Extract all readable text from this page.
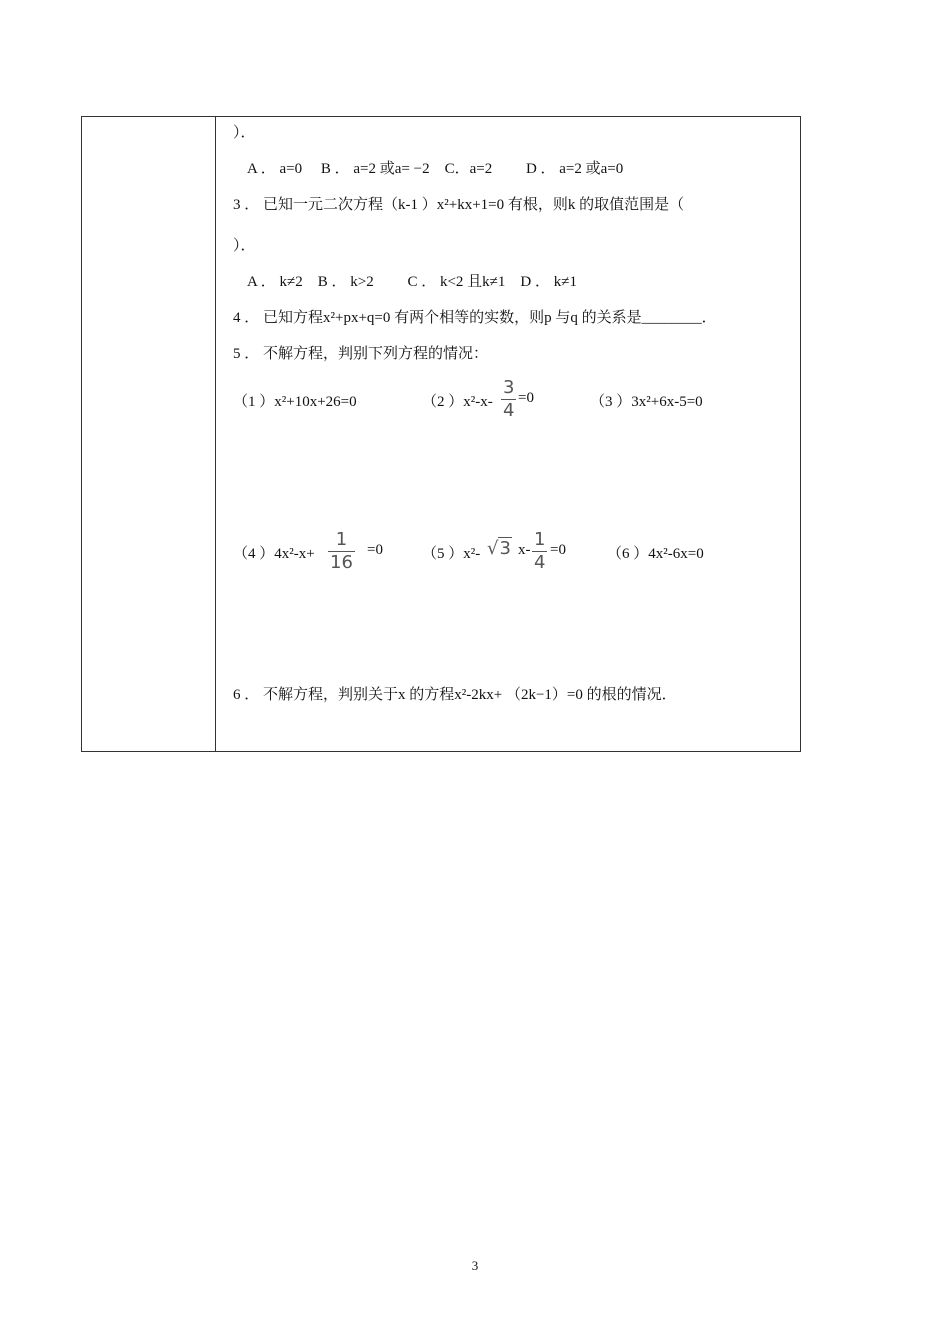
）．
A ． a=0　 B ． a=2 或a= −2　C．a=2　　 D ． a=2 或a=0
3 ． 已知一元二次方程（k-1 ）x²+kx+1=0 有根，则k 的取值范围是（
）．
A ． k≠2　B ． k>2　　 C ． k<2 且k≠1　D ． k≠1
4 ． 已知方程x²+px+q=0 有两个相等的实数，则p 与q 的关系是________．
5 ． 不解方程，判别下列方程的情况：
（1 ）x²+10x+26=0	（2 ）x²-x-
3
4
=0	（3 ）3x²+6x-5=0
（4 ）4x²-x+
1
16
=0	（5 ）x²- √3 x- 1
4
=0	（6 ）4x²-6x=0
6 ． 不解方程，判别关于x 的方程x²-2kx+ （2k−1）=0 的根的情况．
3
